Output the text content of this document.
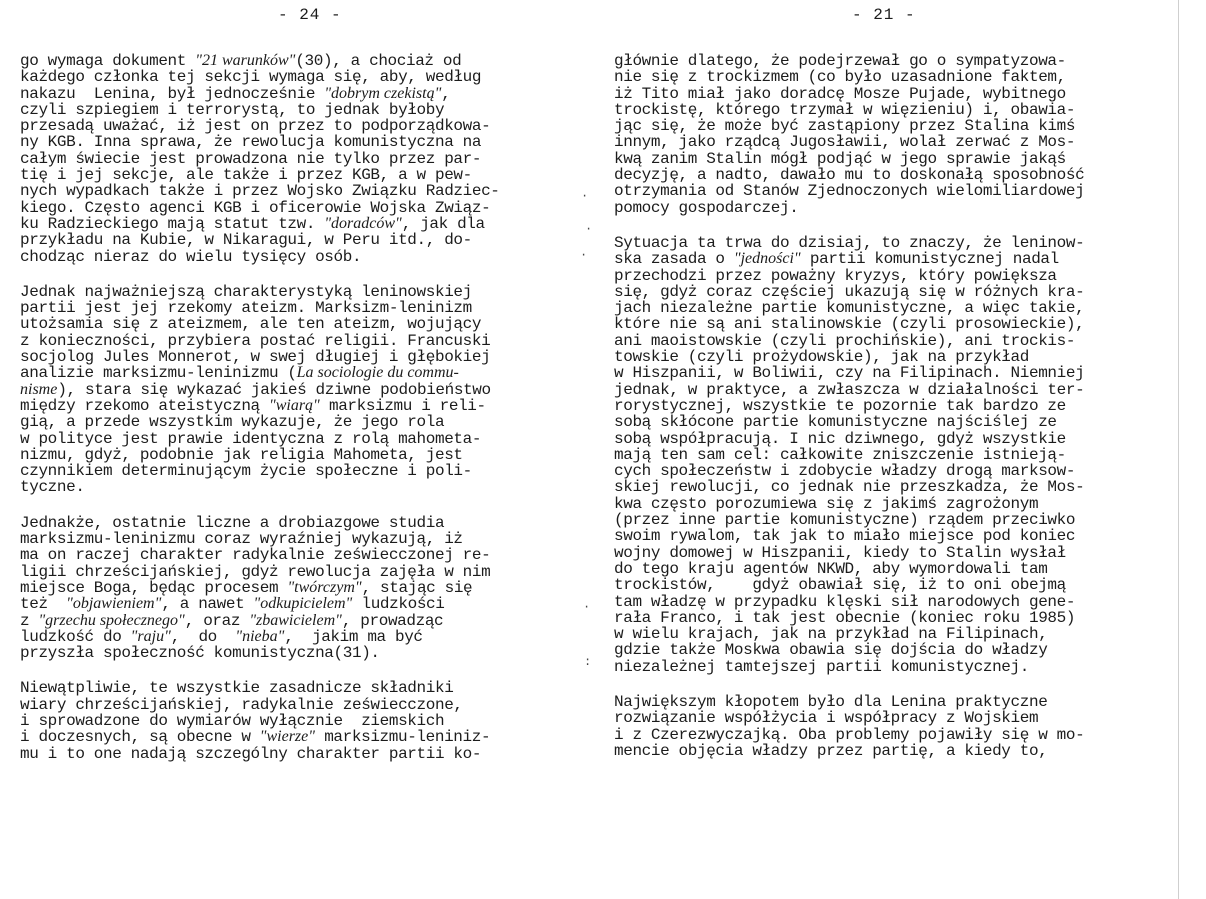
- 24 -
go wymaga dokument "21 warunków"(30), a chociaż od
każdego członka tej sekcji wymaga się, aby, według
nakazu  Lenina, był jednocześnie "dobrym czekistą",
czyli szpiegiem i terrorystą, to jednak byłoby
przesadą uważać, iż jest on przez to podporządkowa-
ny KGB. Inna sprawa, że rewolucja komunistyczna na
całym świecie jest prowadzona nie tylko przez par-
tię i jej sekcje, ale także i przez KGB, a w pew-
nych wypadkach także i przez Wojsko Związku Radziec-
kiego. Często agenci KGB i oficerowie Wojska Związ-
ku Radzieckiego mają statut tzw. "doradców", jak dla
przykładu na Kubie, w Nikaragui, w Peru itd., do-
chodząc nieraz do wielu tysięcy osób.
Jednak najważniejszą charakterystyką leninowskiej
partii jest jej rzekomy ateizm. Marksizm-leninizm
utożsamia się z ateizmem, ale ten ateizm, wojujący
z konieczności, przybiera postać religii. Francuski
socjolog Jules Monnerot, w swej długiej i głębokiej
analizie marksizmu-leninizmu (La sociologie du commu-
nisme), stara się wykazać jakieś dziwne podobieństwo
między rzekomo ateistyczną "wiarą" marksizmu i reli-
gią, a przede wszystkim wykazuje, że jego rola
w polityce jest prawie identyczna z rolą mahometa-
nizmu, gdyż, podobnie jak religia Mahometa, jest
czynnikiem determinującym życie społeczne i poli-
tyczne.
Jednakże, ostatnie liczne a drobiazgowe studia
marksizmu-leninizmu coraz wyraźniej wykazują, iż
ma on raczej charakter radykalnie zeświecczonej re-
ligii chrześcijańskiej, gdyż rewolucja zajęła w nim
miejsce Boga, będąc procesem "twórczym", stając się
też  "objawieniem", a nawet "odkupicielem" ludzkości
z "grzechu społecznego", oraz "zbawicielem", prowadząc
ludzkość do "raju",  do  "nieba",  jakim ma być
przyszła społeczność komunistyczna(31).
Niewątpliwie, te wszystkie zasadnicze składniki
wiary chrześcijańskiej, radykalnie zeświecczone,
i sprowadzone do wymiarów wyłącznie  ziemskich
i doczesnych, są obecne w "wierze" marksizmu-leniniz-
mu i to one nadają szczególny charakter partii ko-
- 21 -
głównie dlatego, że podejrzewał go o sympatyzowa-
nie się z trockizmem (co było uzasadnione faktem,
iż Tito miał jako doradcę Mosze Pujade, wybitnego
trockistę, którego trzymał w więzieniu) i, obawia-
jąc się, że może być zastąpiony przez Stalina kimś
innym, jako rządcą Jugosławii, wolał zerwać z Mos-
kwą zanim Stalin mógł podjąć w jego sprawie jakąś
decyzję, a nadto, dawało mu to doskonałą sposobność
otrzymania od Stanów Zjednoczonych wielomiliardowej
pomocy gospodarczej.
Sytuacja ta trwa do dzisiaj, to znaczy, że leninow-
ska zasada o "jedności" partii komunistycznej nadal
przechodzi przez poważny kryzys, który powiększa
się, gdyż coraz częściej ukazują się w różnych kra-
jach niezależne partie komunistyczne, a więc takie,
które nie są ani stalinowskie (czyli prosowieckie),
ani maoistowskie (czyli prochińskie), ani trockis-
towskie (czyli prożydowskie), jak na przykład
w Hiszpanii, w Boliwii, czy na Filipinach. Niemniej
jednak, w praktyce, a zwłaszcza w działalności ter-
rorystycznej, wszystkie te pozornie tak bardzo ze
sobą skłócone partie komunistyczne najściślej ze
sobą współpracują. I nic dziwnego, gdyż wszystkie
mają ten sam cel: całkowite zniszczenie istnieją-
cych społeczeństw i zdobycie władzy drogą marksow-
skiej rewolucji, co jednak nie przeszkadza, że Mos-
kwa często porozumiewa się z jakimś zagrożonym
(przez inne partie komunistyczne) rządem przeciwko
swoim rywalom, tak jak to miało miejsce pod koniec
wojny domowej w Hiszpanii, kiedy to Stalin wysłał
do tego kraju agentów NKWD, aby wymordowali tam
trockistów,    gdyż obawiał się, iż to oni obejmą
tam władzę w przypadku klęski sił narodowych gene-
rała Franco, i tak jest obecnie (koniec roku 1985)
w wielu krajach, jak na przykład na Filipinach,
gdzie także Moskwa obawia się dojścia do władzy
niezależnej tamtejszej partii komunistycznej.
Największym kłopotem było dla Lenina praktyczne
rozwiązanie współżycia i współpracy z Wojskiem
i z Czerezwyczajką. Oba problemy pojawiły się w mo-
mencie objęcia władzy przez partię, a kiedy to,
·
·
·
·
:
